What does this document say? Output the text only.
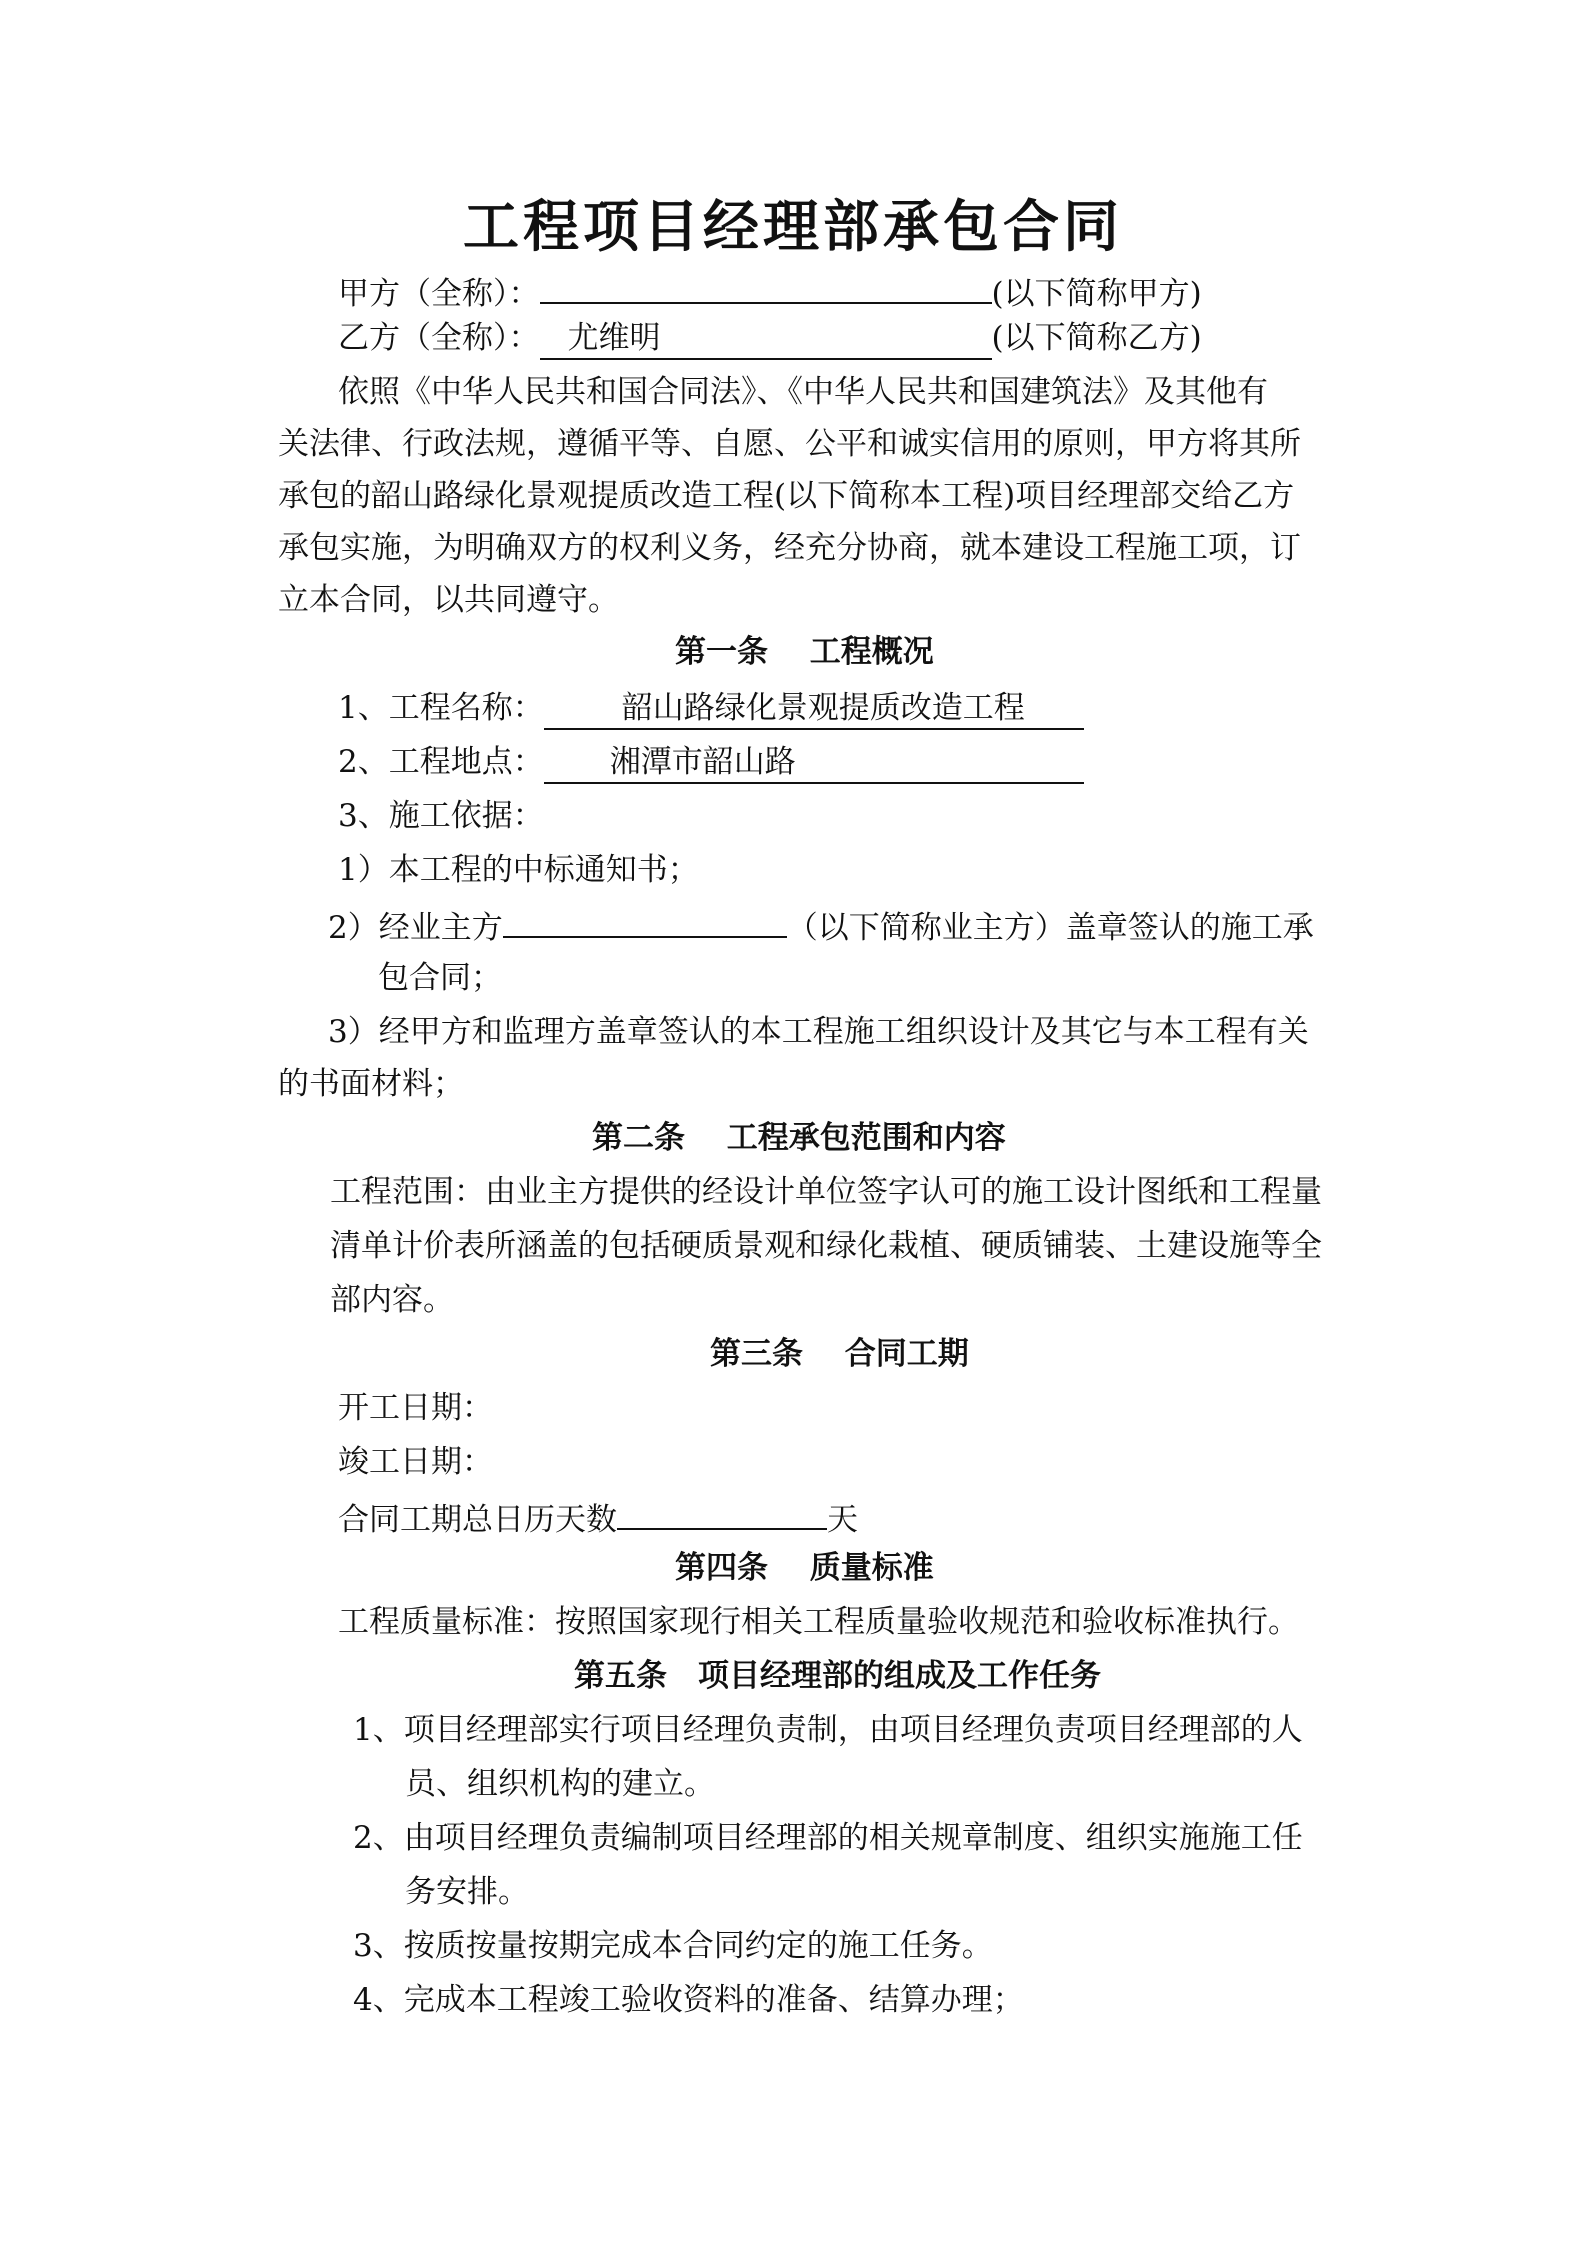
工程项目经理部承包合同
甲方（全称）：	(以下简称甲方)
乙方（全称）： 尤维明	(以下简称乙方)
依照《中华人民共和国合同法》、《中华人民共和国建筑法》及其他有
关法律、行政法规，遵循平等、自愿、公平和诚实信用的原则，甲方将其所
承包的韶山路绿化景观提质改造工程(以下简称本工程)项目经理部交给乙方
承包实施，为明确双方的权利义务，经充分协商，就本建设工程施工项，订
立本合同，以共同遵守。
第一条　 工程概况
1、工程名称：	韶山路绿化景观提质改造工程
2、工程地点： 湘潭市韶山路
3、施工依据：
1）本工程的中标通知书；
2）经业主方	（以下简称业主方）盖章签认的施工承
包合同；
3）经甲方和监理方盖章签认的本工程施工组织设计及其它与本工程有关
的书面材料；
第二条　 工程承包范围和内容
工程范围：由业主方提供的经设计单位签字认可的施工设计图纸和工程量
清单计价表所涵盖的包括硬质景观和绿化栽植、硬质铺装、土建设施等全
部内容。
第三条　 合同工期
开工日期：
竣工日期：
合同工期总日历天数	天
第四条　 质量标准
工程质量标准：按照国家现行相关工程质量验收规范和验收标准执行。
第五条　项目经理部的组成及工作任务
1、项目经理部实行项目经理负责制，由项目经理负责项目经理部的人
员、组织机构的建立。
2、由项目经理负责编制项目经理部的相关规章制度、组织实施施工任
务安排。
3、按质按量按期完成本合同约定的施工任务。
4、完成本工程竣工验收资料的准备、结算办理；
